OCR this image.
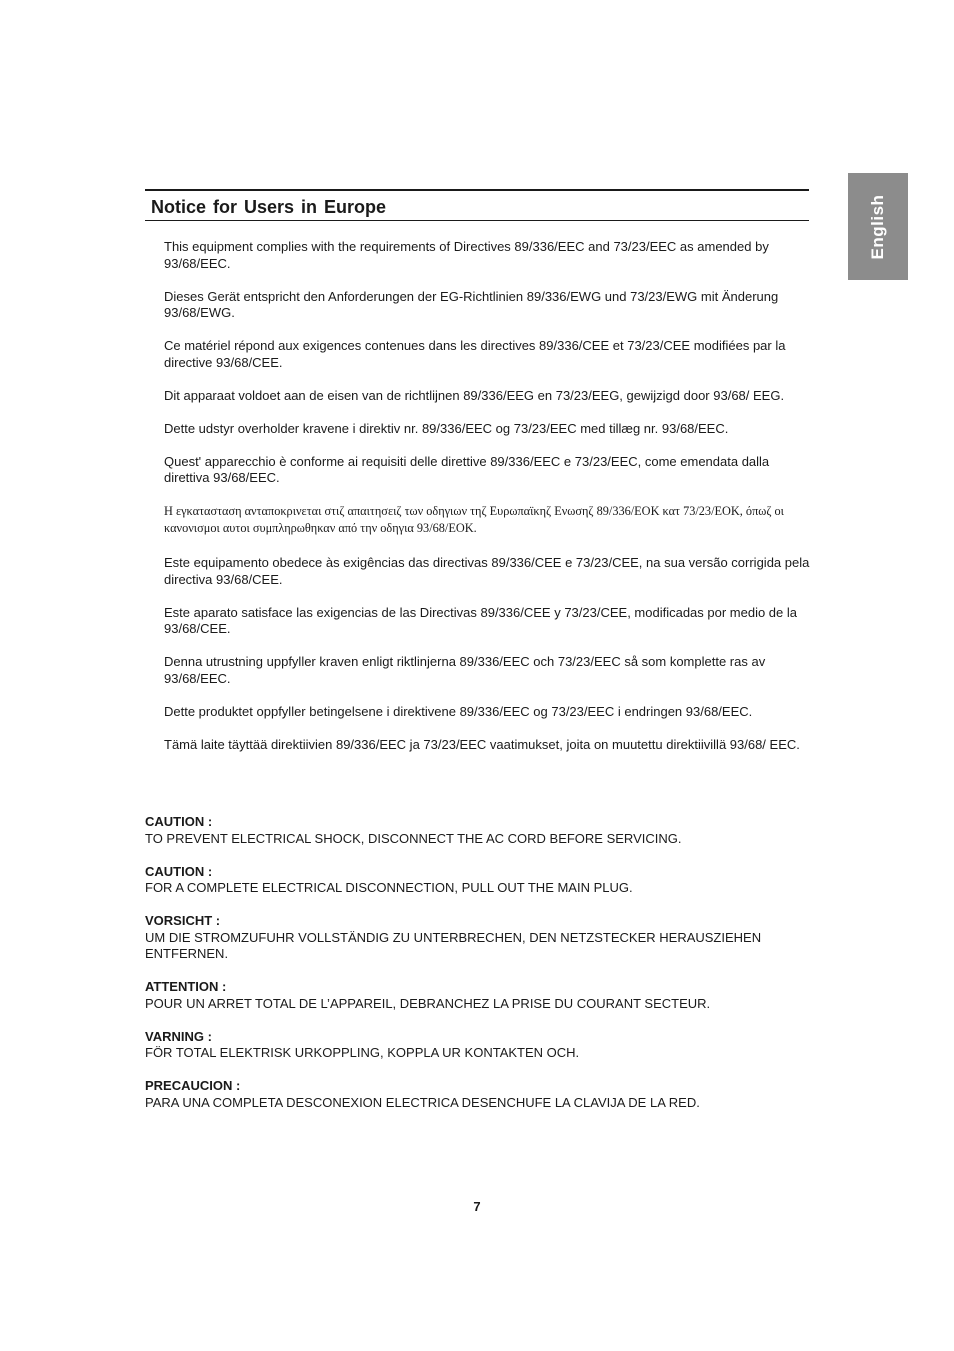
English
Notice for Users in Europe

This equipment complies with the requirements of Directives 89/336/EEC and 73/23/EEC as amended by 93/68/EEC.

Dieses Gerät entspricht den Anforderungen der EG-Richtlinien 89/336/EWG und 73/23/EWG mit Änderung 93/68/EWG.

Ce matériel répond aux exigences contenues dans les directives 89/336/CEE et 73/23/CEE modifiées par la directive 93/68/CEE.

Dit apparaat voldoet aan de eisen van de richtlijnen 89/336/EEG en 73/23/EEG, gewijzigd door 93/68/ EEG.

Dette udstyr overholder kravene i direktiv nr. 89/336/EEC og 73/23/EEC med tillæg nr. 93/68/EEC.

Quest' apparecchio è conforme ai requisiti delle direttive 89/336/EEC e 73/23/EEC, come emendata dalla direttiva 93/68/EEC.

Η εγκατασταση ανταποκρινεται στιζ απαιτησειζ των οδηγιων τηζ Ευρωπαϊκηζ Ενωσηζ 89/336/ΕΟΚ κατ 73/23/ΕΟΚ, όπωζ οι κανονισμοι αυτοι συμπληρωθηκαν από την οδηγια 93/68/ΕΟΚ.

Este equipamento obedece às exigências das directivas 89/336/CEE e 73/23/CEE, na sua versão corrigida pela directiva 93/68/CEE.

Este aparato satisface las exigencias de las Directivas 89/336/CEE y 73/23/CEE, modificadas por medio de la 93/68/CEE.

Denna utrustning uppfyller kraven enligt riktlinjerna 89/336/EEC och 73/23/EEC så som komplette ras av 93/68/EEC.

Dette produktet oppfyller betingelsene i direktivene 89/336/EEC og 73/23/EEC i endringen 93/68/EEC.

Tämä laite täyttää direktiivien 89/336/EEC ja 73/23/EEC vaatimukset, joita on muutettu direktiivillä 93/68/ EEC.

CAUTION :
TO PREVENT ELECTRICAL SHOCK, DISCONNECT THE AC CORD BEFORE SERVICING.
CAUTION :
FOR A COMPLETE ELECTRICAL DISCONNECTION, PULL OUT THE MAIN PLUG.
VORSICHT :
UM DIE STROMZUFUHR VOLLSTÄNDIG ZU UNTERBRECHEN, DEN NETZSTECKER HERAUSZIEHEN ENTFERNEN.
ATTENTION :
POUR UN ARRET TOTAL DE L’APPAREIL, DEBRANCHEZ LA PRISE DU COURANT SECTEUR.
VARNING :
FÖR TOTAL ELEKTRISK URKOPPLING, KOPPLA UR KONTAKTEN OCH.
PRECAUCION :
PARA UNA COMPLETA DESCONEXION ELECTRICA DESENCHUFE LA CLAVIJA DE LA RED.
7
